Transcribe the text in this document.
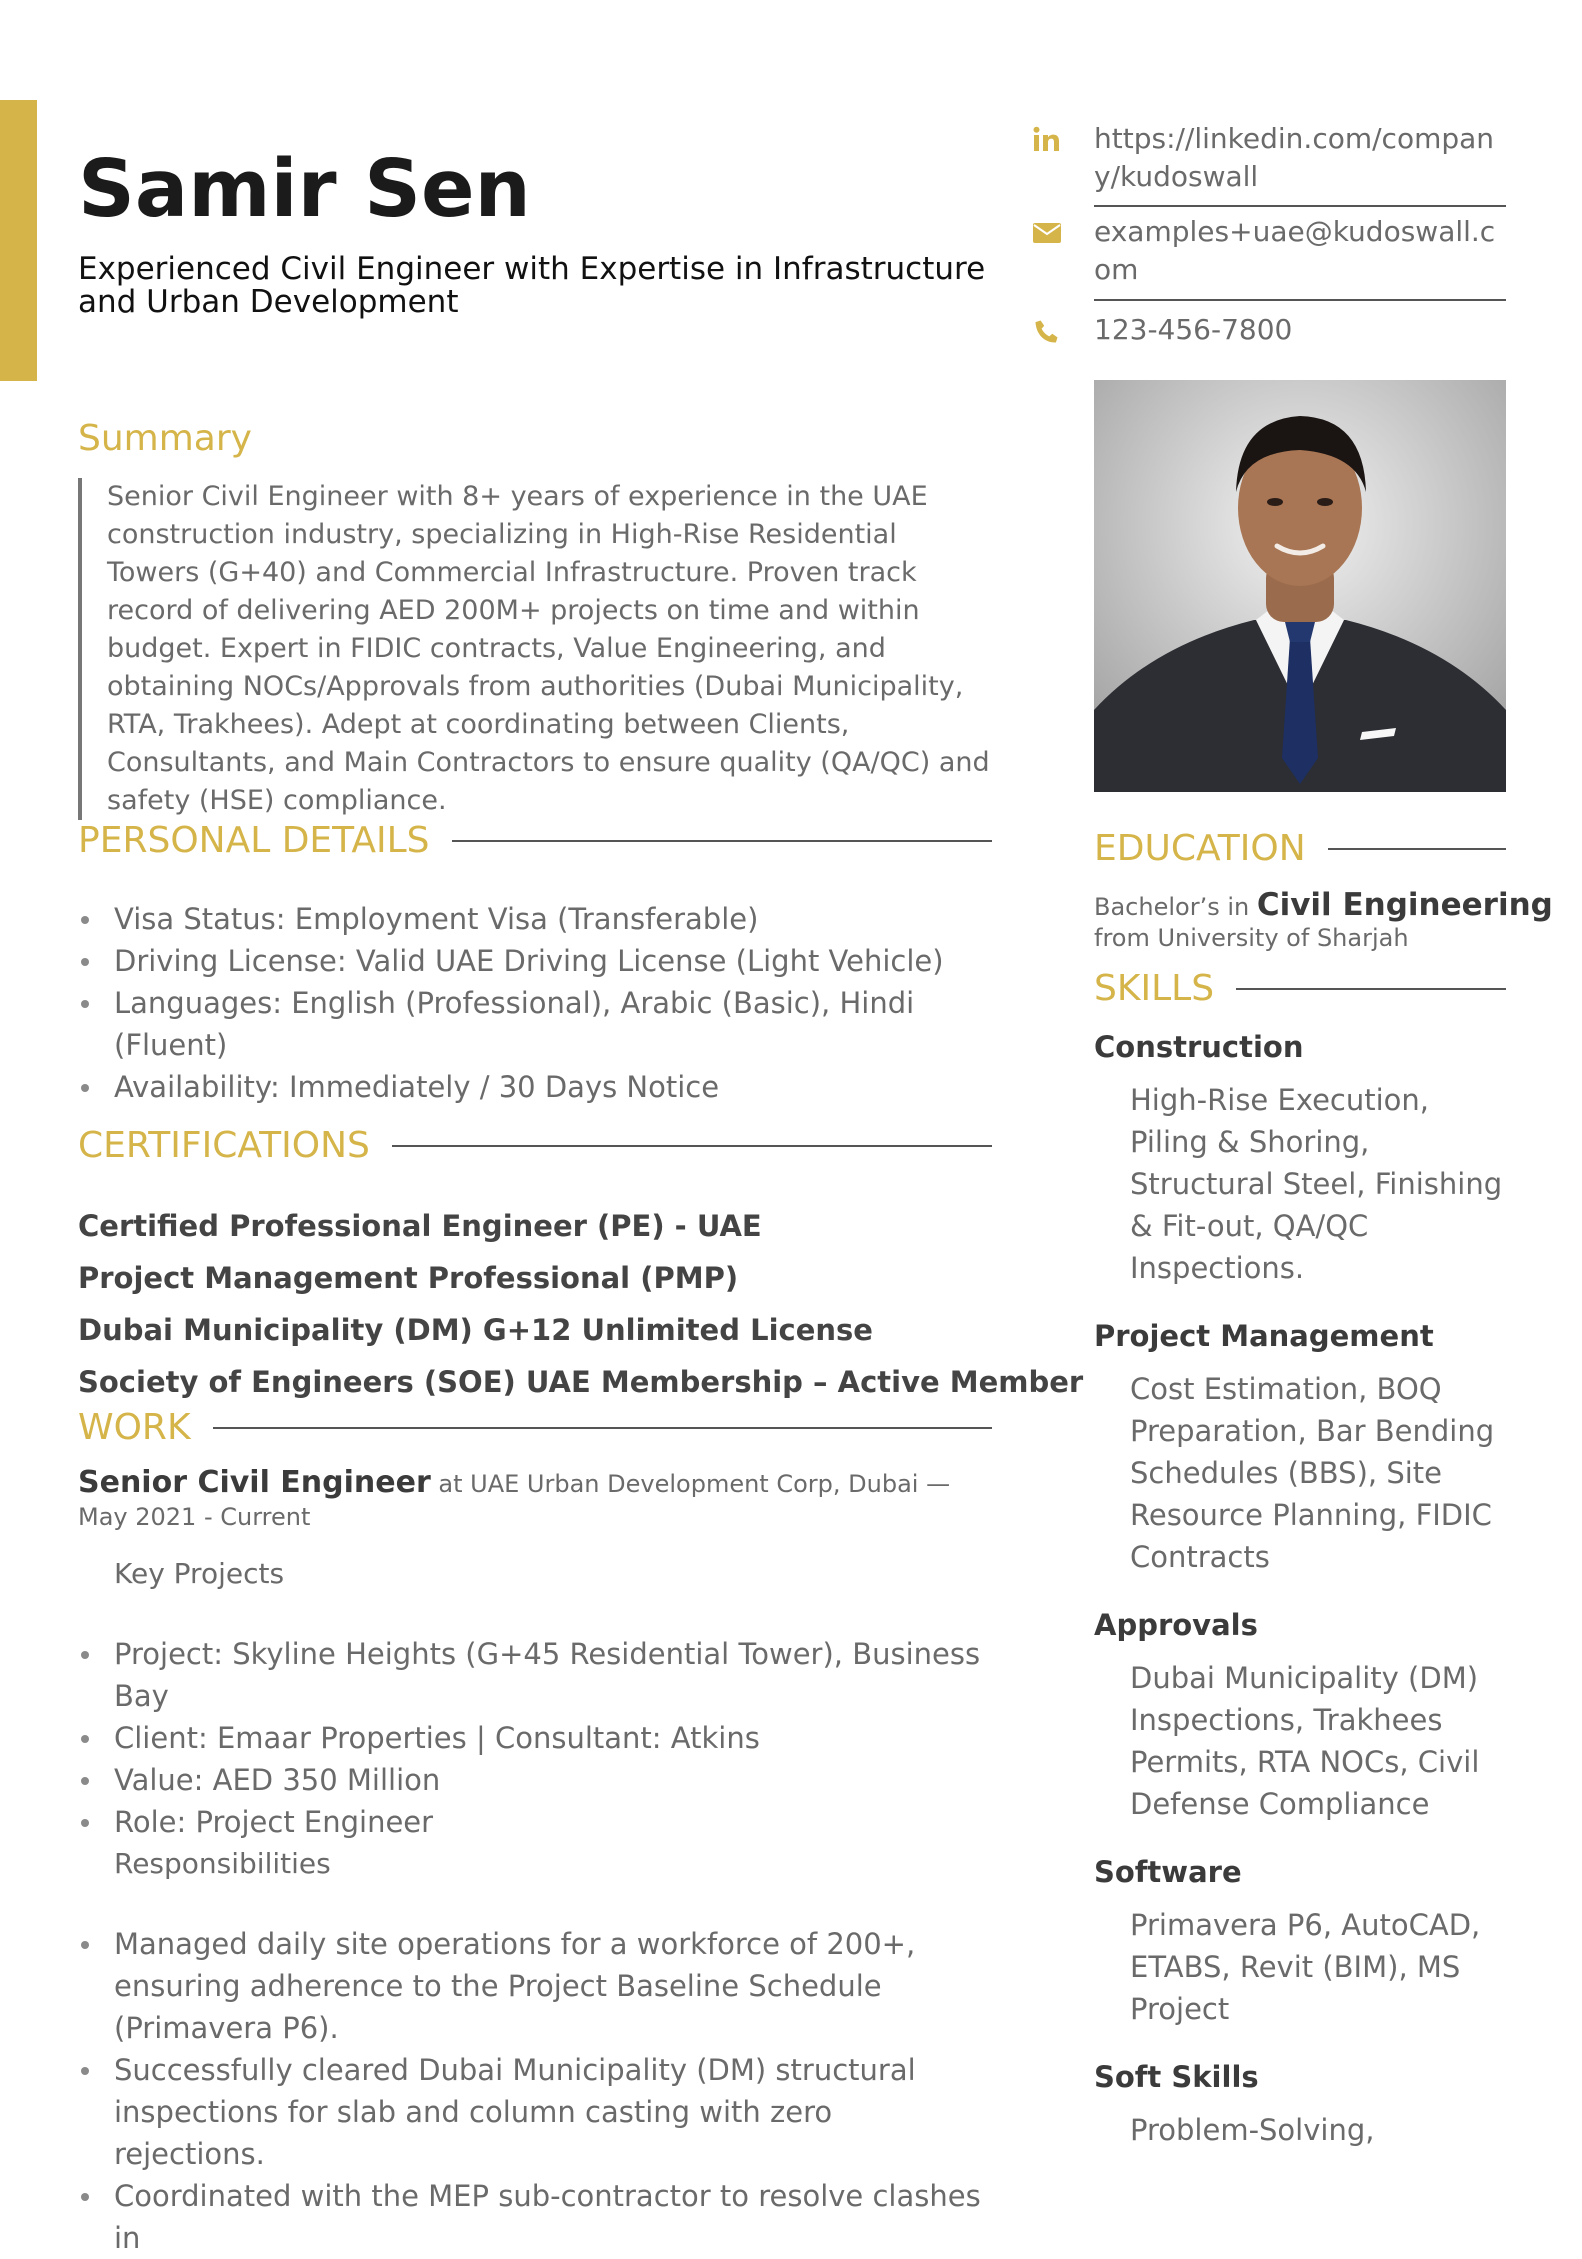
Samir Sen
Experienced Civil Engineer with Expertise in Infrastructure and Urban Development
Summary
Senior Civil Engineer with 8+ years of experience in the UAE construction industry, specializing in High-Rise Residential Towers (G+40) and Commercial Infrastructure. Proven track record of delivering AED 200M+ projects on time and within budget. Expert in FIDIC contracts, Value Engineering, and obtaining NOCs/Approvals from authorities (Dubai Municipality, RTA, Trakhees). Adept at coordinating between Clients, Consultants, and Main Contractors to ensure quality (QA/QC) and safety (HSE) compliance.
PERSONAL DETAILS
Visa Status: Employment Visa (Transferable)
Driving License: Valid UAE Driving License (Light Vehicle)
Languages: English (Professional), Arabic (Basic), Hindi (Fluent)
Availability: Immediately / 30 Days Notice
CERTIFICATIONS
Certified Professional Engineer (PE) - UAE
Project Management Professional (PMP)
Dubai Municipality (DM) G+12 Unlimited License
Society of Engineers (SOE) UAE Membership – Active Member
WORK
Senior Civil Engineer at UAE Urban Development Corp, Dubai — May 2021 - Current
Key Projects
Project: Skyline Heights (G+45 Residential Tower), Business Bay
Client: Emaar Properties | Consultant: Atkins
Value: AED 350 Million
Role: Project Engineer
Responsibilities
Managed daily site operations for a workforce of 200+, ensuring adherence to the Project Baseline Schedule (Primavera P6).
Successfully cleared Dubai Municipality (DM) structural inspections for slab and column casting with zero rejections.
Coordinated with the MEP sub-contractor to resolve clashes in
https://linkedin.com/company/kudoswall
examples+uae@kudoswall.com
123-456-7800
EDUCATION
Bachelor’s in Civil Engineering
from University of Sharjah
SKILLS
Construction
High-Rise Execution, Piling & Shoring, Structural Steel, Finishing & Fit-out, QA/QC Inspections.
Project Management
Cost Estimation, BOQ Preparation, Bar Bending Schedules (BBS), Site Resource Planning, FIDIC Contracts
Approvals
Dubai Municipality (DM) Inspections, Trakhees Permits, RTA NOCs, Civil Defense Compliance
Software
Primavera P6, AutoCAD, ETABS, Revit (BIM), MS Project
Soft Skills
Problem-Solving,
